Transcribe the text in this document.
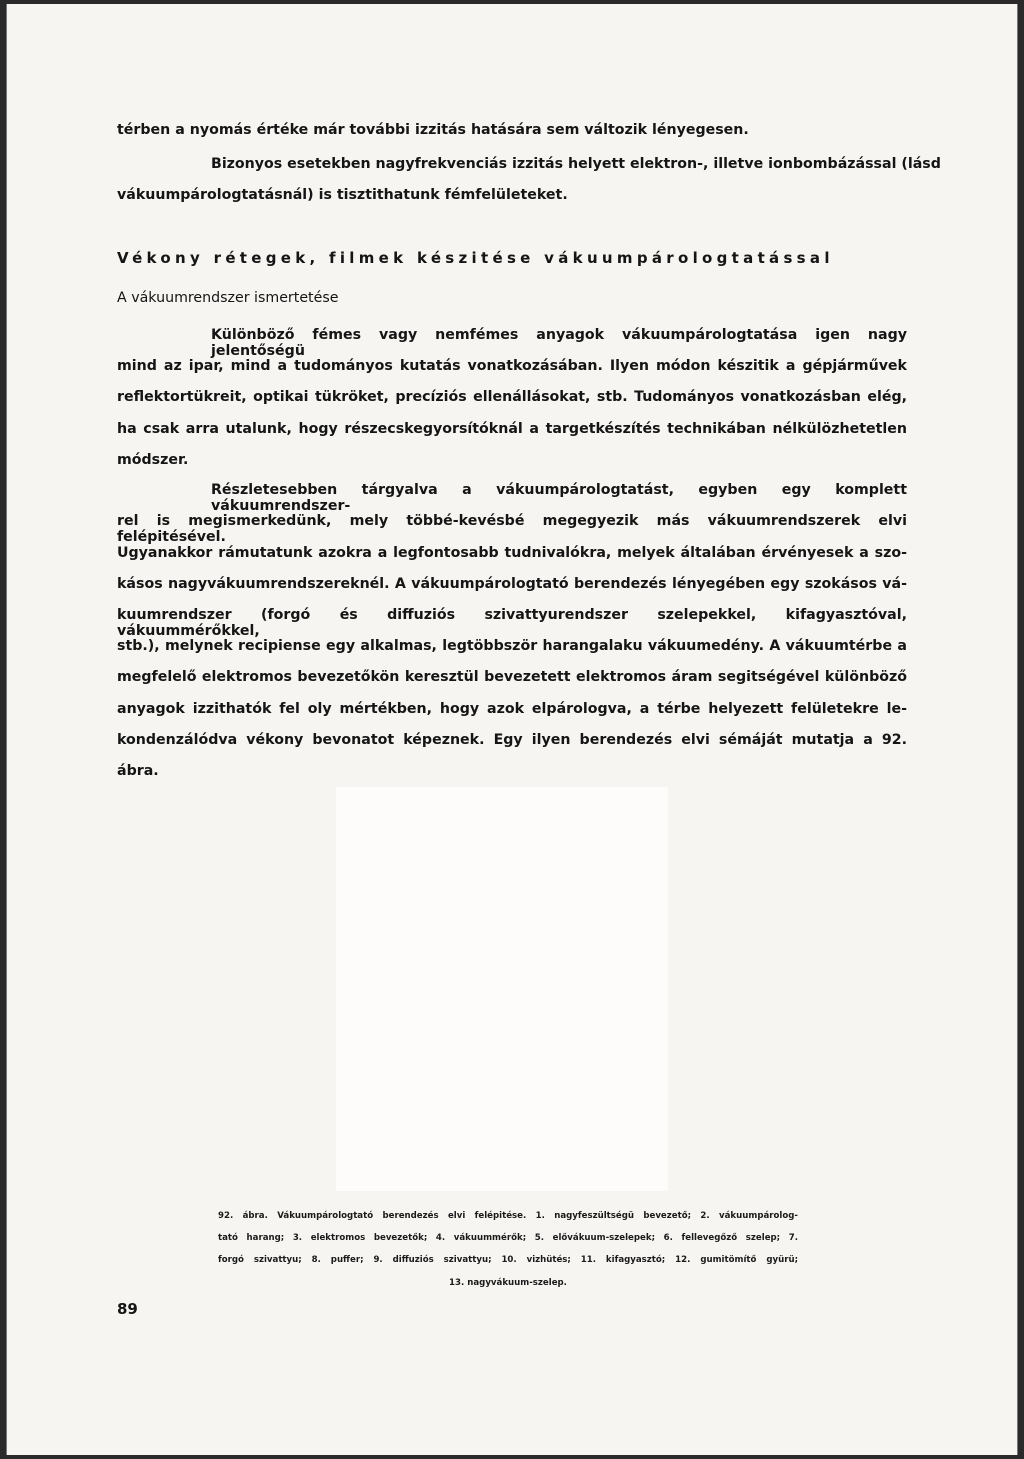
térben a nyomás értéke már további izzitás hatására sem változik lényegesen.
Bizonyos esetekben nagyfrekvenciás izzitás helyett elektron-, illetve ionbombázással (lásd
vákuumpárologtatásnál) is tisztithatunk fémfelületeket.
Vékony rétegek, filmek készitése vákuumpárologtatással
A vákuumrendszer ismertetése
Különböző fémes vagy nemfémes anyagok vákuumpárologtatása igen nagy jelentőségü
mind az ipar, mind a tudományos kutatás vonatkozásában. Ilyen módon készitik a gépjárművek
reflektortükreit, optikai tükröket, precíziós ellenállásokat, stb. Tudományos vonatkozásban elég,
ha csak arra utalunk, hogy részecskegyorsítóknál a targetkészítés technikában nélkülözhetetlen
módszer.
Részletesebben tárgyalva a vákuumpárologtatást, egyben egy komplett vákuumrendszer-
rel is megismerkedünk, mely többé-kevésbé megegyezik más vákuumrendszerek elvi felépitésével.
Ugyanakkor rámutatunk azokra a legfontosabb tudnivalókra, melyek általában érvényesek a szo-
kásos nagyvákuumrendszereknél. A vákuumpárologtató berendezés lényegében egy szokásos vá-
kuumrendszer (forgó és diffuziós szivattyurendszer szelepekkel, kifagyasztóval, vákuummérőkkel,
stb.), melynek recipiense egy alkalmas, legtöbbször harangalaku vákuumedény. A vákuumtérbe a
megfelelő elektromos bevezetőkön keresztül bevezetett elektromos áram segitségével különböző
anyagok izzithatók fel oly mértékben, hogy azok elpárologva, a térbe helyezett felületekre le-
kondenzálódva vékony bevonatot képeznek. Egy ilyen berendezés elvi sémáját mutatja a 92.
ábra.
92. ábra. Vákuumpárologtató berendezés elvi felépitése. 1. nagyfeszültségü bevezető; 2. vákuumpárolog-
tató harang; 3. elektromos bevezetők; 4. vákuummérők; 5. elővákuum-szelepek; 6. fellevegőző szelep; 7.
forgó szivattyu; 8. puffer; 9. diffuziós szivattyu; 10. vizhütés; 11. kifagyasztó; 12. gumitömítő gyürü;
13. nagyvákuum-szelep.
89
